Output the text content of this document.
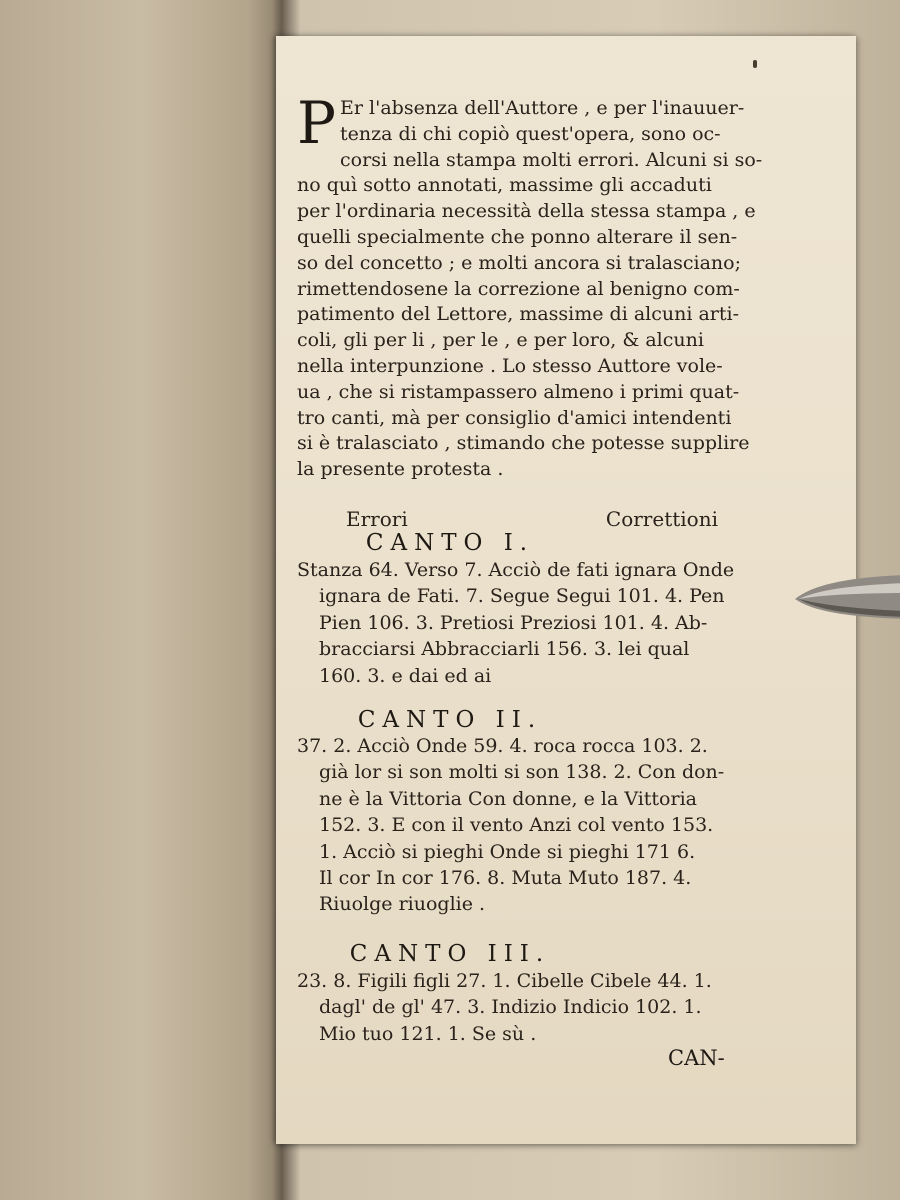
P Er l'absenza dell'Auttore , e per l'inauuer-
tenza di chi copiò quest'opera, sono oc-
corsi nella stampa molti errori. Alcuni si so-
no quì sotto annotati, massime gli accaduti
per l'ordinaria necessità della stessa stampa , e
quelli specialmente che ponno alterare il sen-
so del concetto ; e molti ancora si tralasciano;
rimettendosene la correzione al benigno com-
patimento del Lettore, massime di alcuni arti-
coli, gli per li , per le , e per loro, & alcuni
nella interpunzione . Lo stesso Auttore vole-
ua , che si ristampassero almeno i primi quat-
tro canti, mà per consiglio d'amici intendenti
si è tralasciato , stimando che potesse supplire
la presente protesta .
Errori	Correttioni
CANTO I.
Stanza 64. Verso 7. Acciò de fati ignara Onde
ignara de Fati. 7. Segue Segui 101. 4. Pen
Pien 106. 3. Pretiosi Preziosi 101. 4. Ab-
bracciarsi Abbracciarli 156. 3. lei qual
160. 3. e dai ed ai
CANTO II.
37. 2. Acciò Onde 59. 4. roca rocca 103. 2.
già lor si son molti si son 138. 2. Con don-
ne è la Vittoria Con donne, e la Vittoria
152. 3. E con il vento Anzi col vento 153.
1. Acciò si pieghi Onde si pieghi 171 6.
Il cor In cor 176. 8. Muta Muto 187. 4.
Riuolge riuoglie .
CANTO III.
23. 8. Figili figli 27. 1. Cibelle Cibele 44. 1.
dagl' de gl' 47. 3. Indizio Indicio 102. 1.
Mio tuo 121. 1. Se sù .
CAN-
